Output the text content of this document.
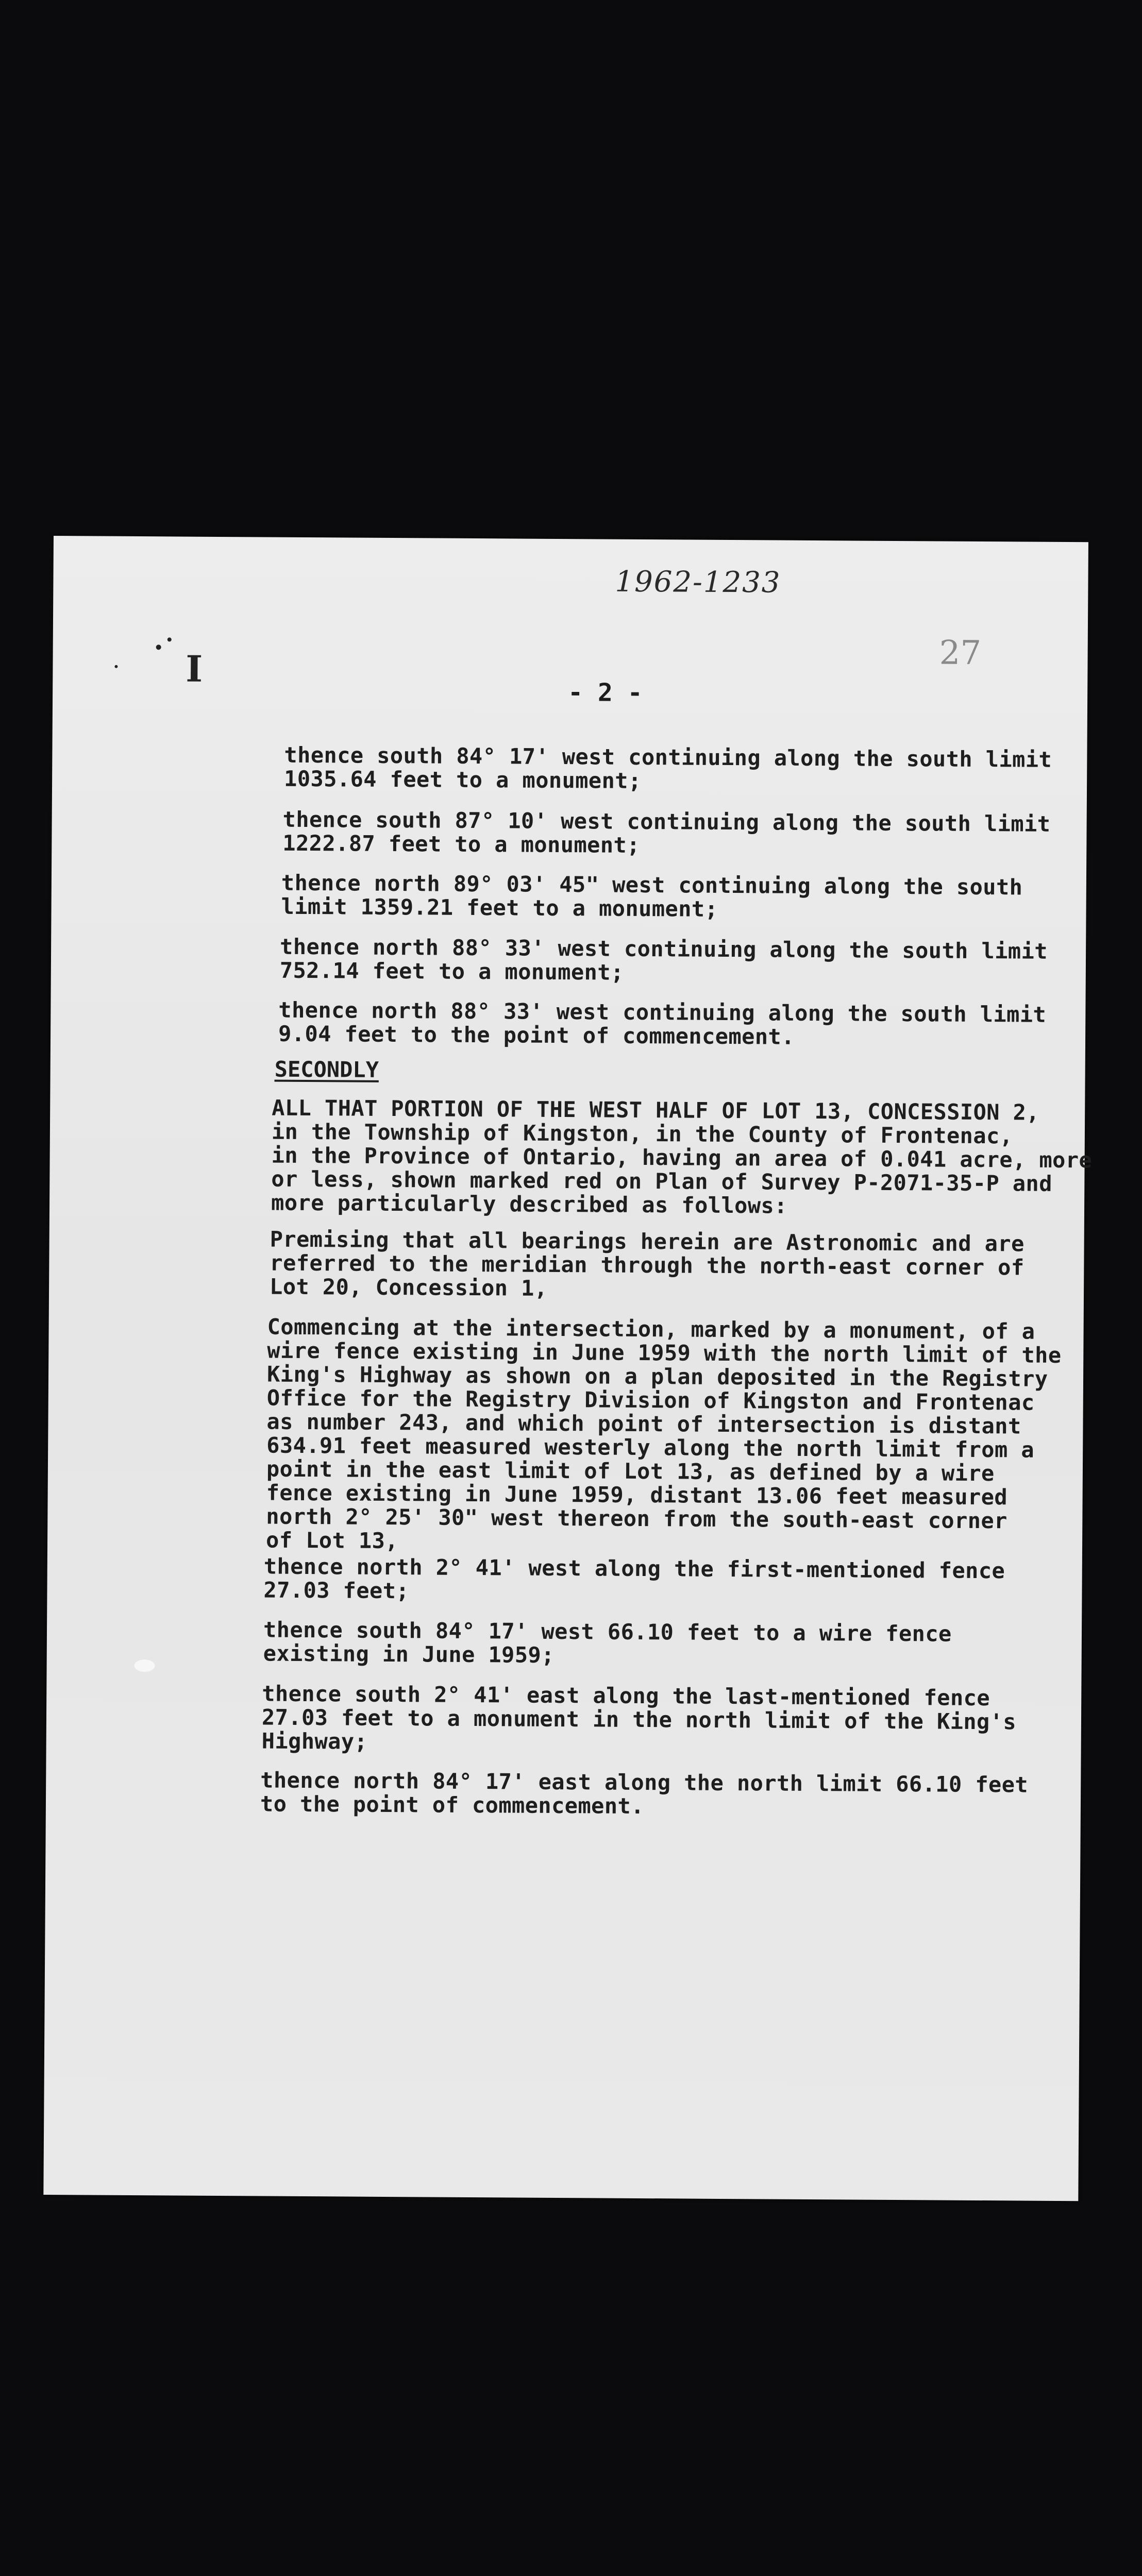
1962-1233
27
I
- 2 -
thence south 84° 17' west continuing along the south limit
1035.64 feet to a monument;
thence south 87° 10' west continuing along the south limit
1222.87 feet to a monument;
thence north 89° 03' 45" west continuing along the south
limit 1359.21 feet to a monument;
thence north 88° 33' west continuing along the south limit
752.14 feet to a monument;
thence north 88° 33' west continuing along the south limit
9.04 feet to the point of commencement.
SECONDLY
ALL THAT PORTION OF THE WEST HALF OF LOT 13, CONCESSION 2,
in the Township of Kingston, in the County of Frontenac,
in the Province of Ontario, having an area of 0.041 acre, more
or less, shown marked red on Plan of Survey P-2071-35-P and
more particularly described as follows:
Premising that all bearings herein are Astronomic and are
referred to the meridian through the north-east corner of
Lot 20, Concession 1,
Commencing at the intersection, marked by a monument, of a
wire fence existing in June 1959 with the north limit of the
King's Highway as shown on a plan deposited in the Registry
Office for the Registry Division of Kingston and Frontenac
as number 243, and which point of intersection is distant
634.91 feet measured westerly along the north limit from a
point in the east limit of Lot 13, as defined by a wire
fence existing in June 1959, distant 13.06 feet measured
north 2° 25' 30" west thereon from the south-east corner
of Lot 13,
thence north 2° 41' west along the first-mentioned fence
27.03 feet;
thence south 84° 17' west 66.10 feet to a wire fence
existing in June 1959;
thence south 2° 41' east along the last-mentioned fence
27.03 feet to a monument in the north limit of the King's
Highway;
thence north 84° 17' east along the north limit 66.10 feet
to the point of commencement.
